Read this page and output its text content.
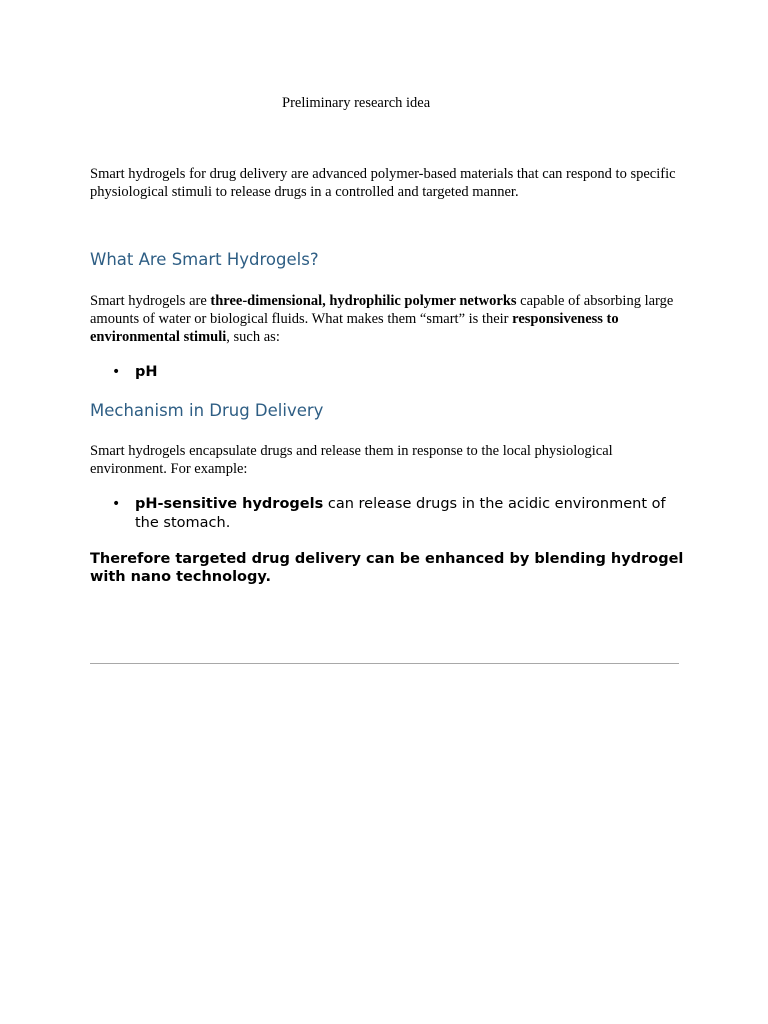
Preliminary research idea

Smart hydrogels for drug delivery are advanced polymer-based materials that can respond to specific physiological stimuli to release drugs in a controlled and targeted manner.

What Are Smart Hydrogels?

Smart hydrogels are three-dimensional, hydrophilic polymer networks capable of absorbing large amounts of water or biological fluids. What makes them “smart” is their responsiveness to environmental stimuli, such as:

• pH
Mechanism in Drug Delivery

Smart hydrogels encapsulate drugs and release them in response to the local physiological environment. For example:

• pH-sensitive hydrogels can release drugs in the acidic environment of the stomach.

Therefore targeted drug delivery can be enhanced by blending hydrogel with nano technology.
